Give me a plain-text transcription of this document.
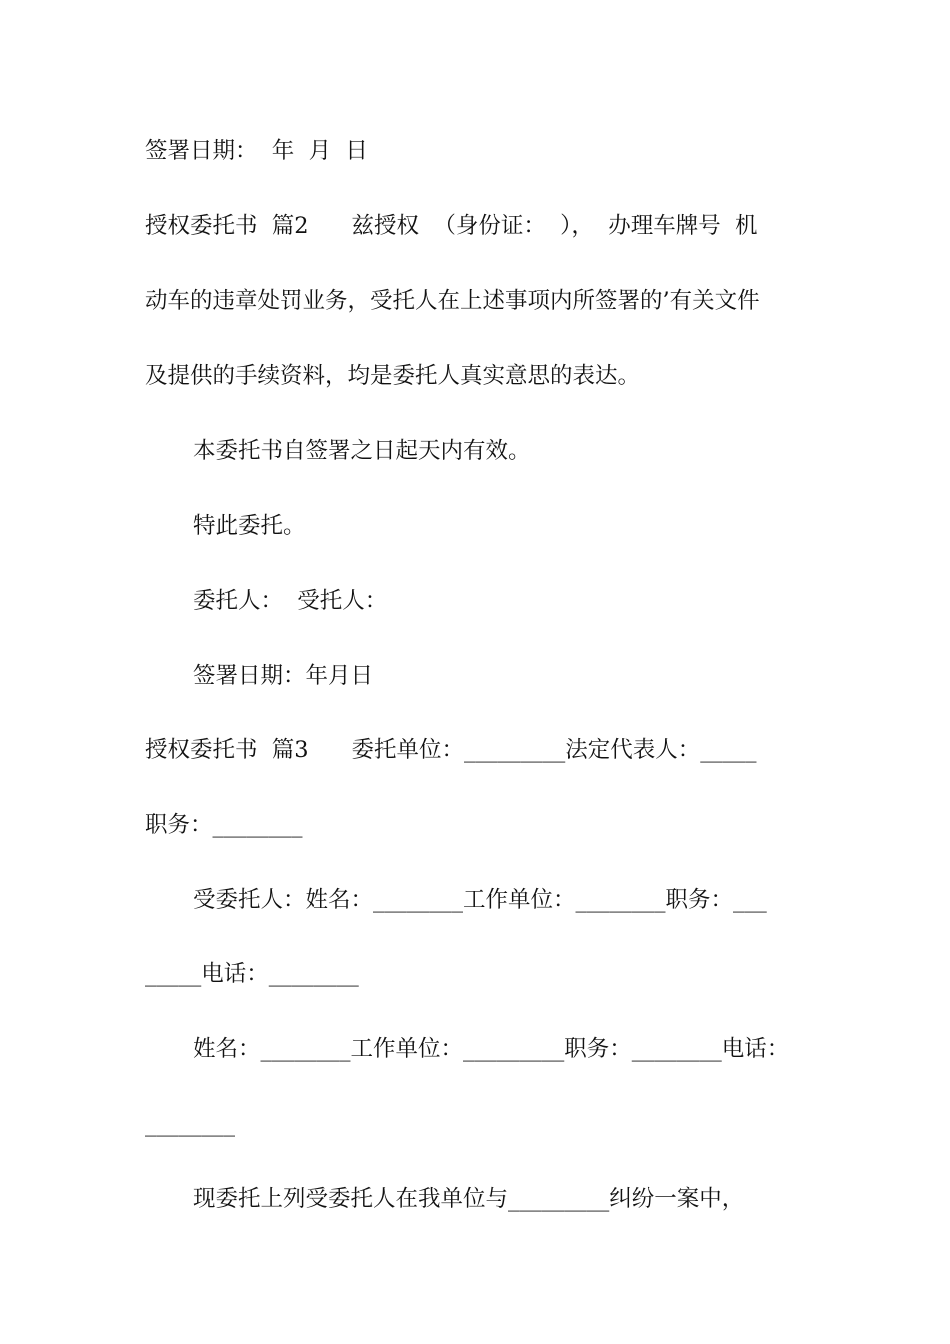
签署日期：  年  月  日
授权委托书  篇2      兹授权  （身份证：  ），  办理车牌号  机
动车的违章处罚业务，受托人在上述事项内所签署的’有关文件
及提供的手续资料，均是委托人真实意思的表达。
本委托书自签署之日起天内有效。
特此委托。
委托人：  受托人：
签署日期：年月日
授权委托书  篇3      委托单位：_________法定代表人：_____
职务：________
受委托人：姓名：________工作单位：________职务：___
_____电话：________
姓名：________工作单位：_________职务：________电话：
________
现委托上列受委托人在我单位与_________纠纷一案中，
